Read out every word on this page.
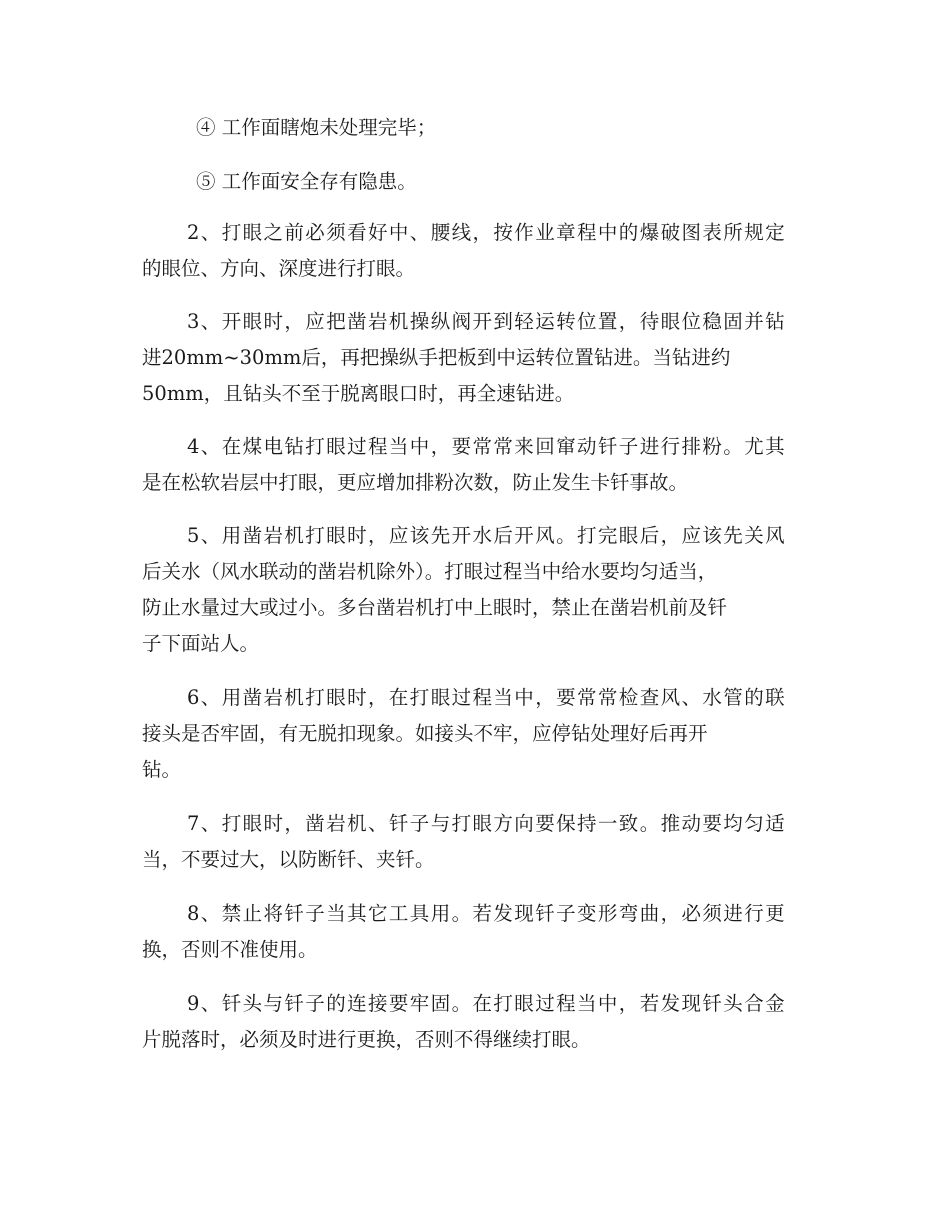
④ 工作面瞎炮未处理完毕；
⑤ 工作面安全存有隐患。
2、打眼之前必须看好中、腰线，按作业章程中的爆破图表所规定
的眼位、方向、深度进行打眼。
3、开眼时，应把凿岩机操纵阀开到轻运转位置，待眼位稳固并钻
进20mm~30mm后，再把操纵手把板到中运转位置钻进。当钻进约
50mm，且钻头不至于脱离眼口时，再全速钻进。
4、在煤电钻打眼过程当中，要常常来回窜动钎子进行排粉。尤其
是在松软岩层中打眼，更应增加排粉次数，防止发生卡钎事故。
5、用凿岩机打眼时，应该先开水后开风。打完眼后，应该先关风
后关水（风水联动的凿岩机除外）。打眼过程当中给水要均匀适当，
防止水量过大或过小。多台凿岩机打中上眼时，禁止在凿岩机前及钎
子下面站人。
6、用凿岩机打眼时，在打眼过程当中，要常常检查风、水管的联
接头是否牢固，有无脱扣现象。如接头不牢，应停钻处理好后再开
钻。
7、打眼时，凿岩机、钎子与打眼方向要保持一致。推动要均匀适
当，不要过大，以防断钎、夹钎。
8、禁止将钎子当其它工具用。若发现钎子变形弯曲，必须进行更
换，否则不准使用。
9、钎头与钎子的连接要牢固。在打眼过程当中，若发现钎头合金
片脱落时，必须及时进行更换，否则不得继续打眼。
